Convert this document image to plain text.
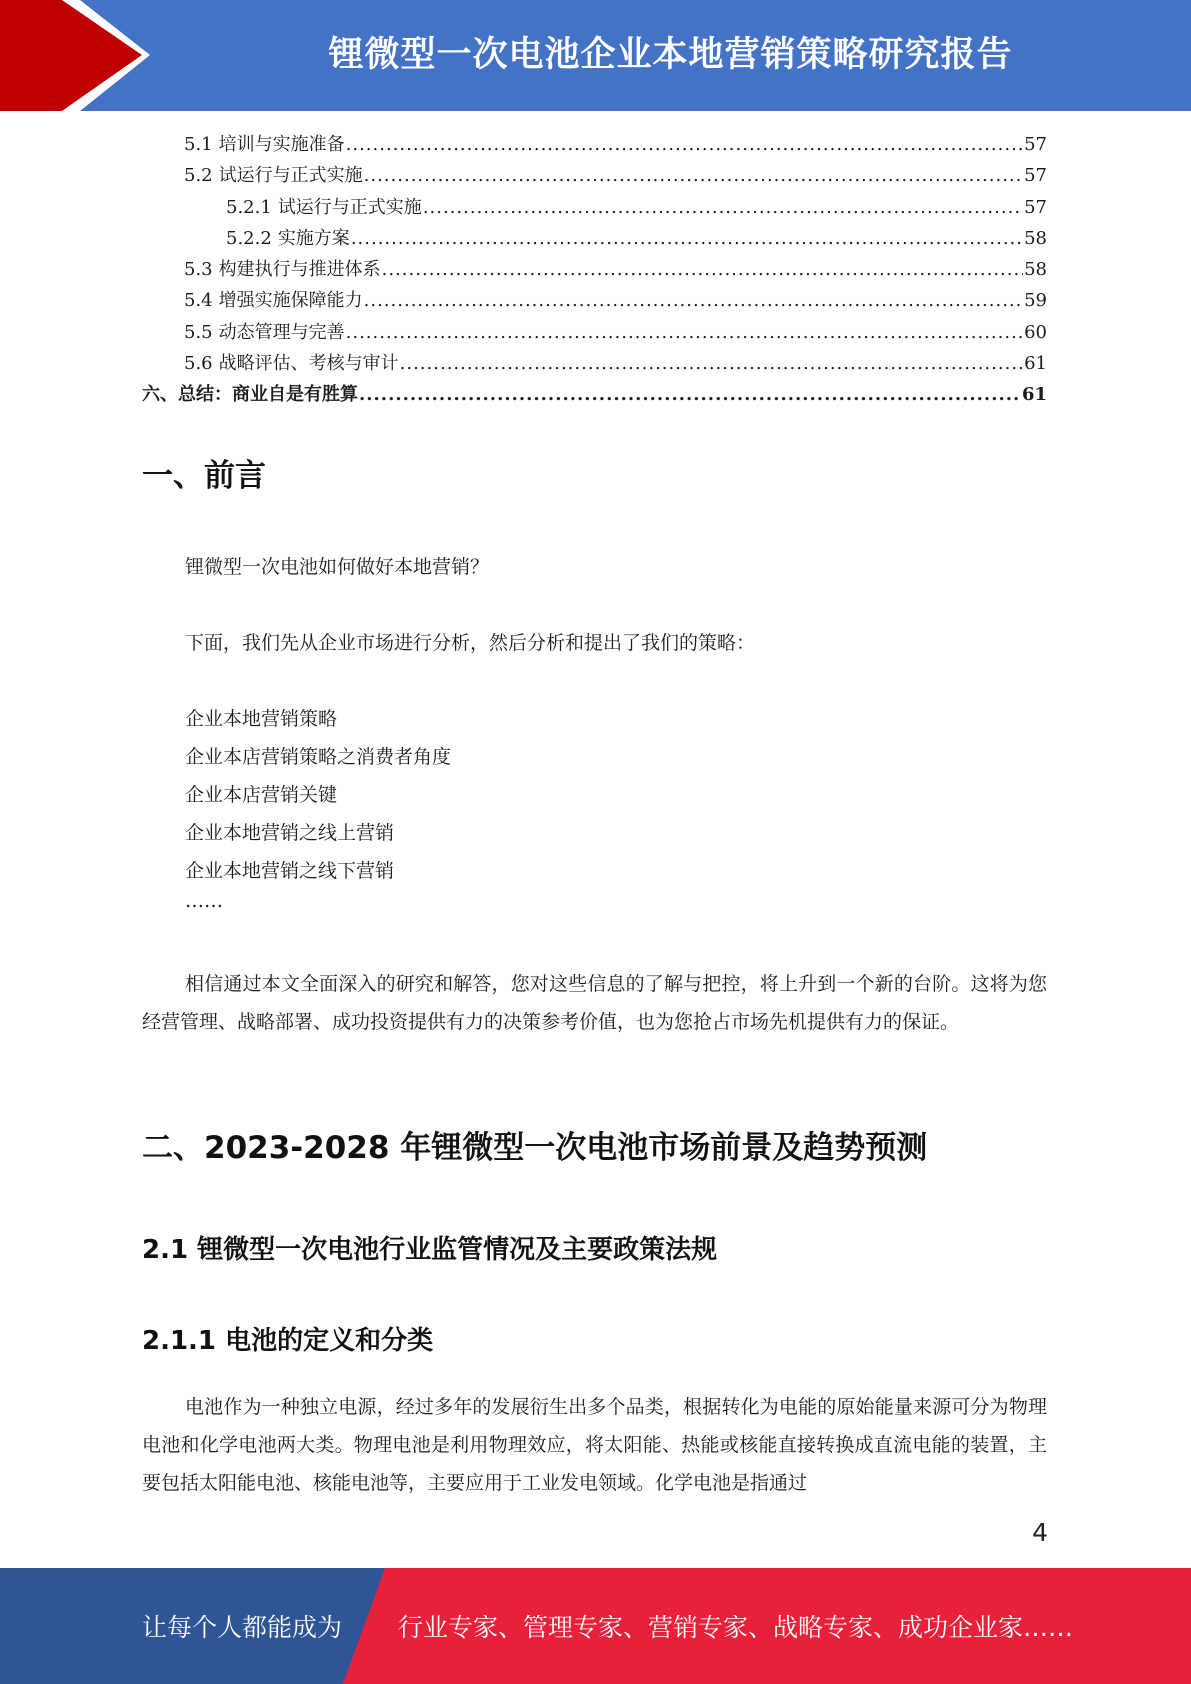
锂微型一次电池企业本地营销策略研究报告
5.1 培训与实施准备 .....	57
5.2 试运行与正式实施 .....	57
5.2.1 试运行与正式实施 .....	57
5.2.2 实施方案 .....	58
5.3 构建执行与推进体系 .....	58
5.4 增强实施保障能力 .....	59
5.5 动态管理与完善 .....	60
5.6 战略评估、考核与审计 .....	61
六、总结：商业自是有胜算 .....	61
一、前言
锂微型一次电池如何做好本地营销？
下面，我们先从企业市场进行分析，然后分析和提出了我们的策略：
企业本地营销策略
企业本店营销策略之消费者角度
企业本店营销关键
企业本地营销之线上营销
企业本地营销之线下营销
……
相信通过本文全面深入的研究和解答，您对这些信息的了解与把控，将上升到一个新的台阶。这将为您经营管理、战略部署、成功投资提供有力的决策参考价值，也为您抢占市场先机提供有力的保证。
二、2023-2028 年锂微型一次电池市场前景及趋势预测
2.1 锂微型一次电池行业监管情况及主要政策法规
2.1.1 电池的定义和分类
电池作为一种独立电源，经过多年的发展衍生出多个品类，根据转化为电能的原始能量来源可分为物理电池和化学电池两大类。物理电池是利用物理效应，将太阳能、热能或核能直接转换成直流电能的装置，主要包括太阳能电池、核能电池等，主要应用于工业发电领域。化学电池是指通过
4
让每个人都能成为 行业专家、管理专家、营销专家、战略专家、成功企业家……
